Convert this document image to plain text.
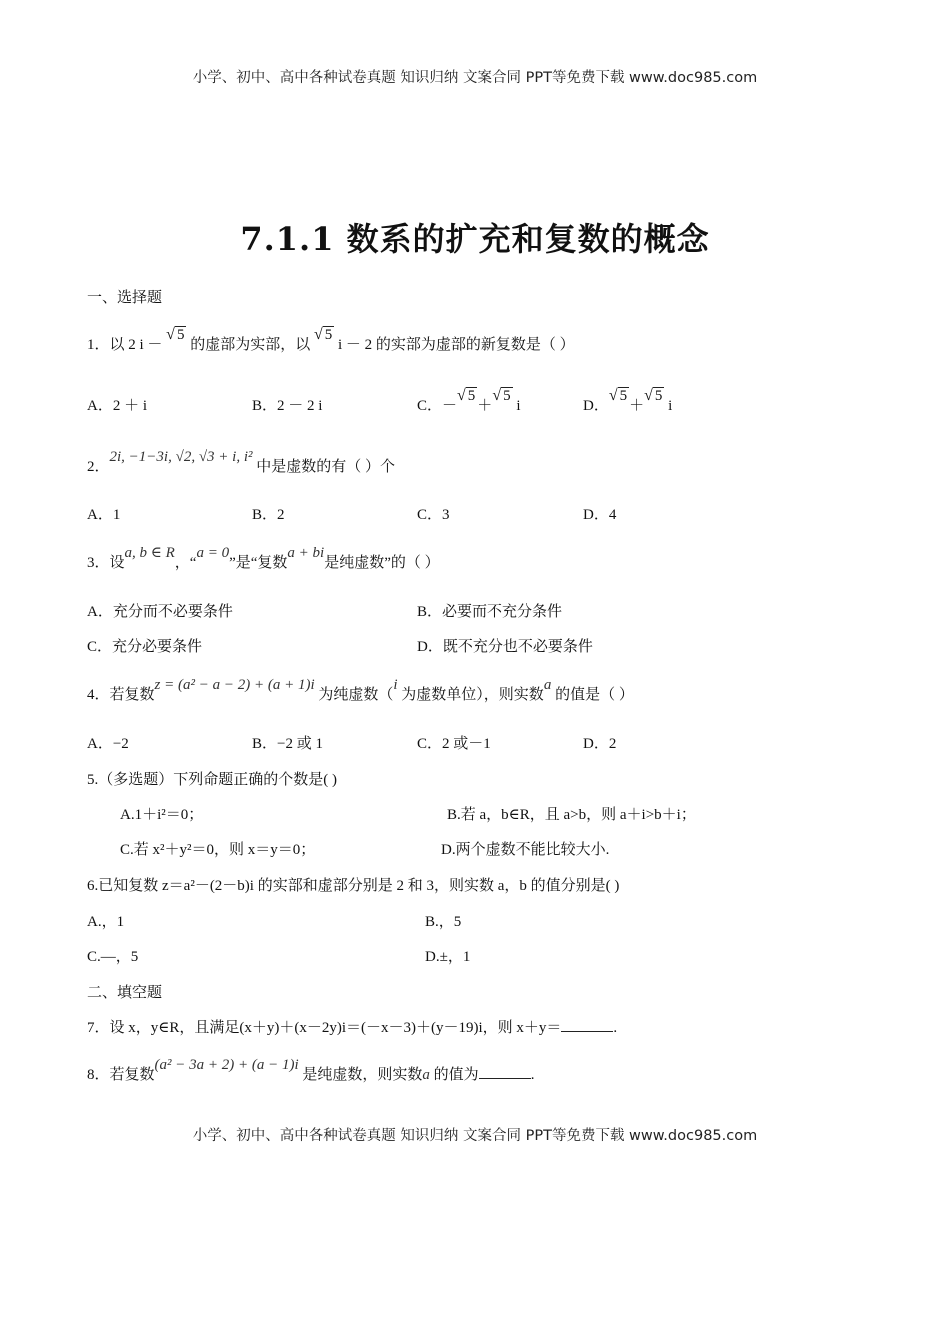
小学、初中、高中各种试卷真题 知识归纳 文案合同 PPT等免费下载 www.doc985.com
7.1.1 数系的扩充和复数的概念
一、选择题
1．以 2 i － √ 5 的虚部为实部，以 √ 5 i － 2 的实部为虚部的新复数是（ ）
A．2 ＋ i	B．2 － 2 i	C．－√ 5＋√ 5 i	D．√ 5＋√ 5 i
2．2i, −1−3i, √2, √3 + i, i² 中是虚数的有（ ）个
A．1	B．2	C．3	D．4
3．设a, b ∈ R，“a = 0”是“复数a + bi是纯虚数”的（ ）
A．充分而不必要条件	B．必要而不充分条件
C．充分必要条件	D．既不充分也不必要条件
4．若复数z = (a² − a − 2) + (a + 1)i 为纯虚数（i 为虚数单位），则实数a 的值是（ ）
A．−2	B．−2 或 1	C．2 或－1	D．2
5.（多选题）下列命题正确的个数是( )
A.1＋i²＝0；	B.若 a，b∈R，且 a>b，则 a＋i>b＋i；
C.若 x²＋y²＝0，则 x＝y＝0；	D.两个虚数不能比较大小.
6.已知复数 z＝a²－(2－b)i 的实部和虚部分别是 2 和 3，则实数 a，b 的值分别是( )
A.，1	B.，5
C.—，5	D.±，1
二、填空题
7．设 x，y∈R，且满足(x＋y)＋(x－2y)i＝(－x－3)＋(y－19)i，则 x＋y＝	.
8．若复数(a² − 3a + 2) + (a − 1)i 是纯虚数，则实数a 的值为	.
小学、初中、高中各种试卷真题 知识归纳 文案合同 PPT等免费下载 www.doc985.com
